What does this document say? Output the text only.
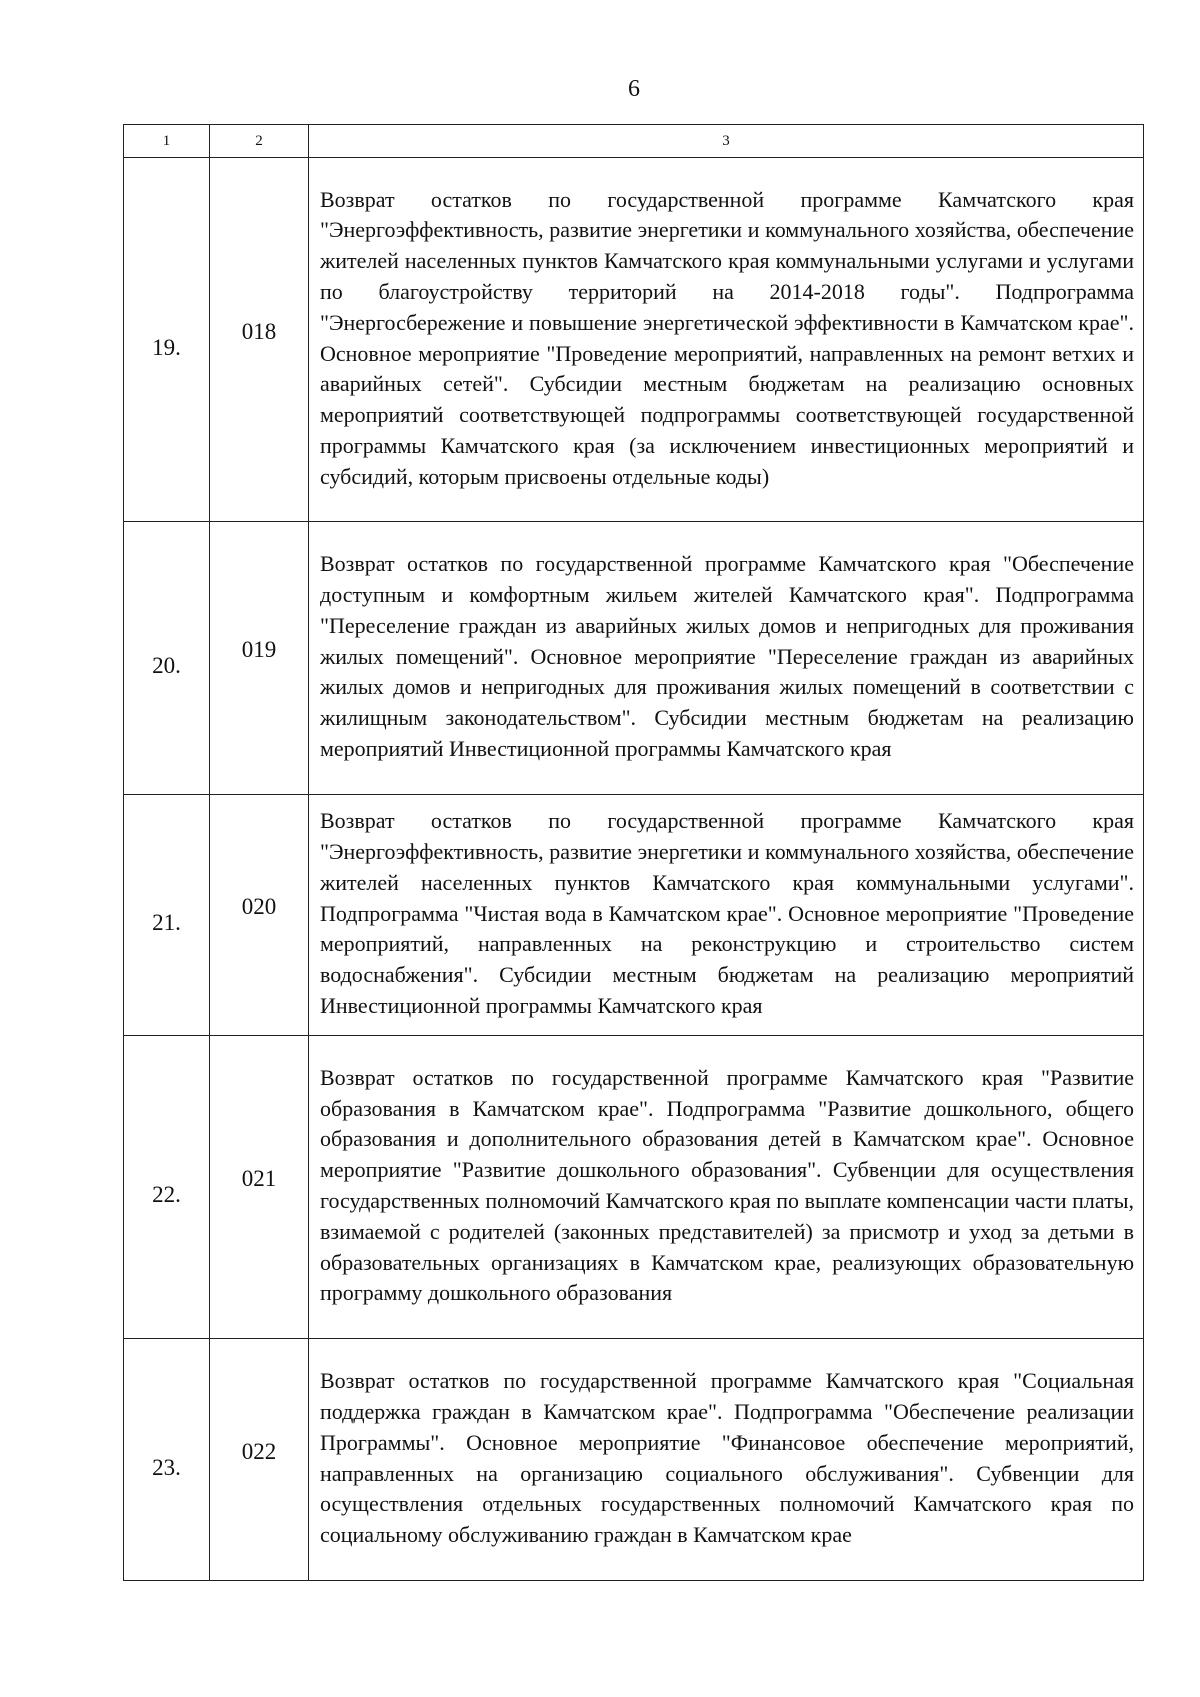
6
1	2	3
19.	018	Возврат остатков по государственной программе Камчатского края "Энергоэффективность, развитие энергетики и коммунального хозяйства, обеспечение жителей населенных пунктов Камчатского края коммунальными услугами и услугами по благоустройству территорий на 2014-2018 годы". Подпрограмма "Энергосбережение и повышение энергетической эффективности в Камчатском крае". Основное мероприятие "Проведение мероприятий, направленных на ремонт ветхих и аварийных сетей". Субсидии местным бюджетам на реализацию основных мероприятий соответствующей подпрограммы соответствующей государственной программы Камчатского края (за исключением инвестиционных мероприятий и субсидий, которым присвоены отдельные коды)
20.	019	Возврат остатков по государственной программе Камчатского края "Обеспечение доступным и комфортным жильем жителей Камчатского края". Подпрограмма "Переселение граждан из аварийных жилых домов и непригодных для проживания жилых помещений". Основное мероприятие "Переселение граждан из аварийных жилых домов и непригодных для проживания жилых помещений в соответствии с жилищным законодательством". Субсидии местным бюджетам на реализацию мероприятий Инвестиционной программы Камчатского края
21.	020	Возврат остатков по государственной программе Камчатского края "Энергоэффективность, развитие энергетики и коммунального хозяйства, обеспечение жителей населенных пунктов Камчатского края коммунальными услугами". Подпрограмма "Чистая вода в Камчатском крае". Основное мероприятие "Проведение мероприятий, направленных на реконструкцию и строительство систем водоснабжения". Субсидии местным бюджетам на реализацию мероприятий Инвестиционной программы Камчатского края
22.	021	Возврат остатков по государственной программе Камчатского края "Развитие образования в Камчатском крае". Подпрограмма "Развитие дошкольного, общего образования и дополнительного образования детей в Камчатском крае". Основное мероприятие "Развитие дошкольного образования". Субвенции для осуществления государственных полномочий Камчатского края по выплате компенсации части платы, взимаемой с родителей (законных представителей) за присмотр и уход за детьми в образовательных организациях в Камчатском крае, реализующих образовательную программу дошкольного образования
23.	022	Возврат остатков по государственной программе Камчатского края "Социальная поддержка граждан в Камчатском крае". Подпрограмма "Обеспечение реализации Программы". Основное мероприятие "Финансовое обеспечение мероприятий, направленных на организацию социального обслуживания". Субвенции для осуществления отдельных государственных полномочий Камчатского края по социальному обслуживанию граждан в Камчатском крае
